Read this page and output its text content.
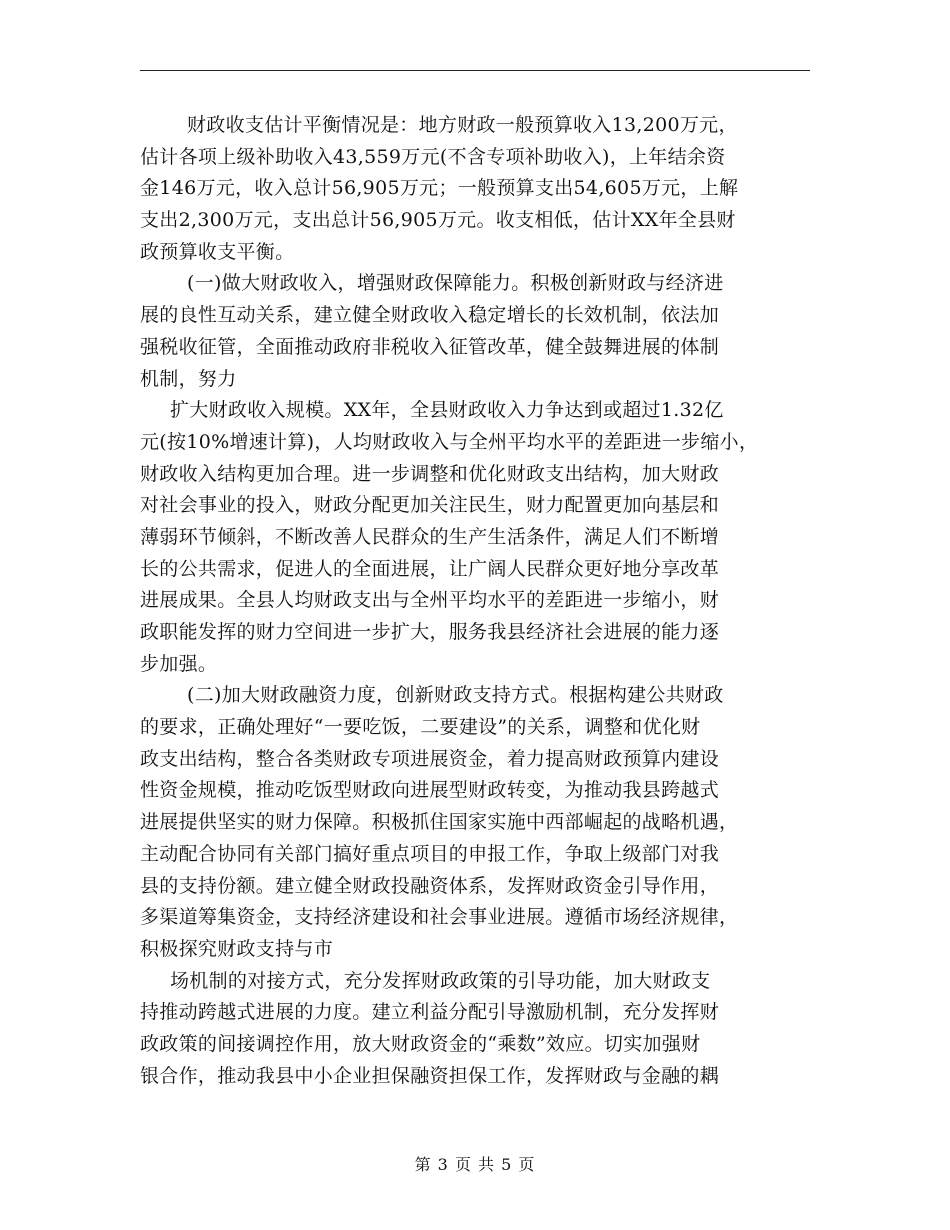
财政收支估计平衡情况是：地方财政一般预算收入13,200万元，
估计各项上级补助收入43,559万元(不含专项补助收入)，上年结余资
金146万元，收入总计56,905万元；一般预算支出54,605万元，上解
支出2,300万元，支出总计56,905万元。收支相低，估计XX年全县财
政预算收支平衡。
(一)做大财政收入，增强财政保障能力。积极创新财政与经济进
展的良性互动关系，建立健全财政收入稳定增长的长效机制，依法加
强税收征管，全面推动政府非税收入征管改革，健全鼓舞进展的体制
机制，努力
扩大财政收入规模。XX年，全县财政收入力争达到或超过1.32亿
元(按10%增速计算)，人均财政收入与全州平均水平的差距进一步缩小，
财政收入结构更加合理。进一步调整和优化财政支出结构，加大财政
对社会事业的投入，财政分配更加关注民生，财力配置更加向基层和
薄弱环节倾斜，不断改善人民群众的生产生活条件，满足人们不断增
长的公共需求，促进人的全面进展，让广阔人民群众更好地分享改革
进展成果。全县人均财政支出与全州平均水平的差距进一步缩小，财
政职能发挥的财力空间进一步扩大，服务我县经济社会进展的能力逐
步加强。
(二)加大财政融资力度，创新财政支持方式。根据构建公共财政
的要求，正确处理好“一要吃饭，二要建设”的关系，调整和优化财
政支出结构，整合各类财政专项进展资金，着力提高财政预算内建设
性资金规模，推动吃饭型财政向进展型财政转变，为推动我县跨越式
进展提供坚实的财力保障。积极抓住国家实施中西部崛起的战略机遇，
主动配合协同有关部门搞好重点项目的申报工作，争取上级部门对我
县的支持份额。建立健全财政投融资体系，发挥财政资金引导作用，
多渠道筹集资金，支持经济建设和社会事业进展。遵循市场经济规律，
积极探究财政支持与市
场机制的对接方式，充分发挥财政政策的引导功能，加大财政支
持推动跨越式进展的力度。建立利益分配引导激励机制，充分发挥财
政政策的间接调控作用，放大财政资金的“乘数”效应。切实加强财
银合作，推动我县中小企业担保融资担保工作，发挥财政与金融的耦
第 3 页 共 5 页
